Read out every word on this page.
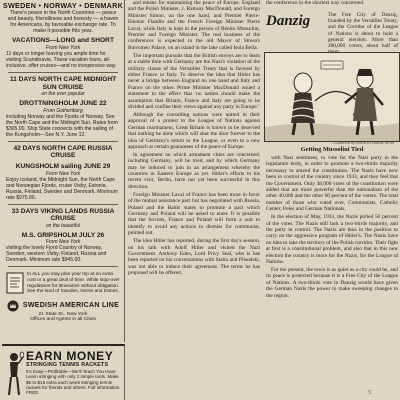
SWEDEN • NORWAY • DENMARK
There's peace in the North Countries — peace and beauty, friendliness and honesty — a haven for Americans, by favorable exchange rate. To make it possible this year.
VACATIONS—LONG and SHORT
From New York
11 days or longer leaving you ample time for visiting Scandinavia. These vacation tours, all-inclusive, offer cruises—and no inexpensive way.
11 DAYS NORTH CAPE MIDNIGHT SUN CRUISE
on the ever popular
DROTTNINGHOLM JUNE 22
From Gothenburg
including Norway and the Fjords of Norway. See the North Cape and the Midnight Sun. Rates from $305.00. Ship State connects with the sailing of the Kungsholm—See N.Y. June 12.
42 DAYS NORTH CAPE RUSSIA CRUISE
KUNGSHOLM sailing JUNE 29
From New York
Enjoy Iceland, the Midnight Sun, the North Cape and Norwegian Fjords, cruise Visby, Estonia, Russia, Finland, Sweden and Denmark. Minimum rate $975.00.
33 DAYS VIKING LANDS RUSSIA CRUISE
on the beautiful
M.S. GRIPSHOLM JULY 26
From New York
visiting the lovely Fjord Country of Norway, Sweden, western Visby, Finland, Russia and Denmark. Minimum rate $945.00.
In ALL you may plan your trip at no extra cost or a great deal of time. While stop-over regulations for itineraries without obligation. See the land of Swedes, Norse and Danes.
SWEDISH AMERICAN LINE
21 State St., New York
Offices and Agents in all Cities
EARN MONEY
STRINGING TENNIS RACKETS
It's Easy—Profitable—We'll Teach You How! Learn stringing with only 2 simple tools. Make $5 to $15 extra each week stringing tennis rackets for friends and others. Full information FREE.

and means for maintaining the peace of Europe. England and the Polish Minister, J. Ramsay MacDonald, and Foreign Minister Simon, on the one hand, and Premier Pierre-Etienne Flandin and the French Foreign Minister Pierre Laval, while Italy is kept in the person of Benito Mussolini, Premier and Foreign Minister. The real business of the conferences is expected in the old Mayor of Stresa's Borromeo Palace, on an island in the lake called Isola Bella.

The important pursuits that the British envoys are to learn at a stable time with Germany are the Nazi's violation of the military clause of the Versailles Treaty that is favored by either France or Italy. To deserve the idea that Hitler has never a bridge between England on one hand and Italy and France on the other. Prime Minister MacDonald issued a statement to the effect that 'no nation should make the assumption that Britain, France and Italy are going to be divided and confine their views against any party in Europe.'

Although the consulting nations were united in their approval of a protest to the League of Nations against German rearmament, Great Britain is known to be deserved that nothing be done which will shut the door forever to the idea of Germany's return to the League, or even to a new approach at certain guarantees of the peace of Europe.

In agreement on which armament cities are concerned, including Germany, will be tried, and by which Germany may be induced to join in an arrangement whereby the countries in Eastern Europe as yet. Hitler's efforts in his recent visit, Berlin, have not yet been successful in this direction.

Foreign Minister Laval of France has been more in favor of the mutual assistance pact but has negotiated with Russia, Poland and the Baltic states to promote a pact which Germany and Poland will be asked to enter. It is possible that the Soviets, France and Poland will form a unit to identify to avoid any actions to dismiss for communist, pointed out.

The idea Hitler has reported, during the first day's session, on his talk with Adolf Hitler and visited the Nazi Government. Anthony Eden, Lord Privy Seal, who is has been reported on his conversations with Stalin and Pilsudski, was not able to induce their agreement. The terms he has proposed will be offered.

the conference in the shortest way concerned.
Danzig	The Free City of Danzig, founded by the Versailles Treaty, and the Corridor of the League of Nations is about to hold a general election. More than 200,000 voters, about half of
—Cartoon by Knott in Dallas News
Getting Mussolini Tied

with Nazi sentiment, to vote for the Nazi party in the legislature body, in order to promote a two-thirds majority necessary to amend the constitution. The Nazis have now been in control of the country since 1933, and they feel that the Government. Only 38,000 votes of the constitution were added that are more powerful than the nationalism of the other 40,000 and the other 60 percent of the voters. The total number of those who voted over, Communists, Catholic Center, Poles and German Nationals.

In the election of May, 1933, the Nazis polled 50 percent of the votes. The Nazis still lack a two-thirds majority, and the party in control. The Nazis are thus in the position to carry on the aggressive program of Hitler's. The Nazis have no idea to take the territory of the Polish corridor. Their fight at first is a constitutional problem, and also that in this new election the country is more for the Nazis, for the League of Nations.

For the present, the town is as quiet as a city could be, and its peace is protected because it is a Free City of the League of Nations. A two-thirds vote in Danzig would have given the German Nazis the power to make sweeping changes in the region.

5
